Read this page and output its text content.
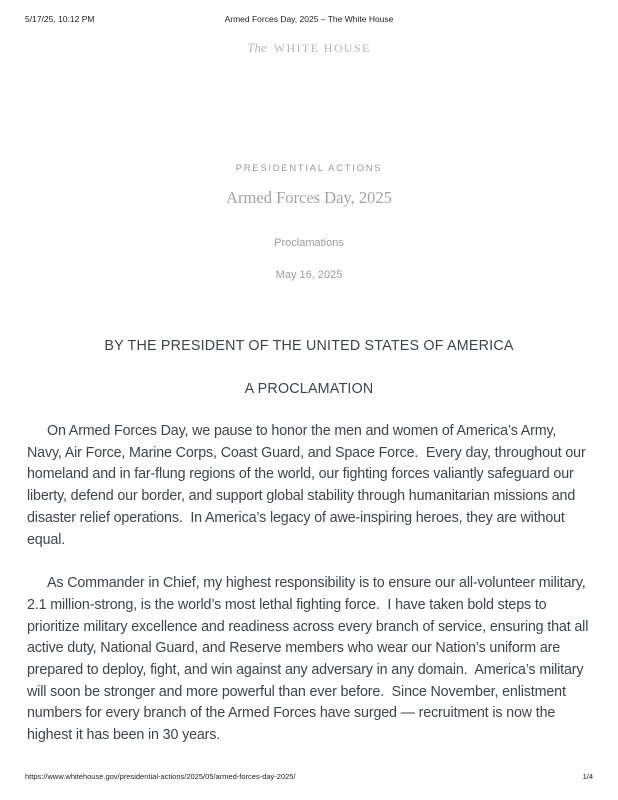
5/17/25, 10:12 PM	Armed Forces Day, 2025 – The White House
The WHITE HOUSE
PRESIDENTIAL ACTIONS
Armed Forces Day, 2025
Proclamations
May 16, 2025
BY THE PRESIDENT OF THE UNITED STATES OF AMERICA
A PROCLAMATION

On Armed Forces Day, we pause to honor the men and women of America’s Army, Navy, Air Force, Marine Corps, Coast Guard, and Space Force.  Every day, throughout our homeland and in far-flung regions of the world, our fighting forces valiantly safeguard our liberty, defend our border, and support global stability through humanitarian missions and disaster relief operations.  In America’s legacy of awe-inspiring heroes, they are without equal.

As Commander in Chief, my highest responsibility is to ensure our all-volunteer military, 2.1 million-strong, is the world’s most lethal fighting force.  I have taken bold steps to prioritize military excellence and readiness across every branch of service, ensuring that all active duty, National Guard, and Reserve members who wear our Nation’s uniform are prepared to deploy, fight, and win against any adversary in any domain.  America’s military will soon be stronger and more powerful than ever before.  Since November, enlistment numbers for every branch of the Armed Forces have surged — recruitment is now the highest it has been in 30 years.

https://www.whitehouse.gov/presidential-actions/2025/05/armed-forces-day-2025/	1/4
